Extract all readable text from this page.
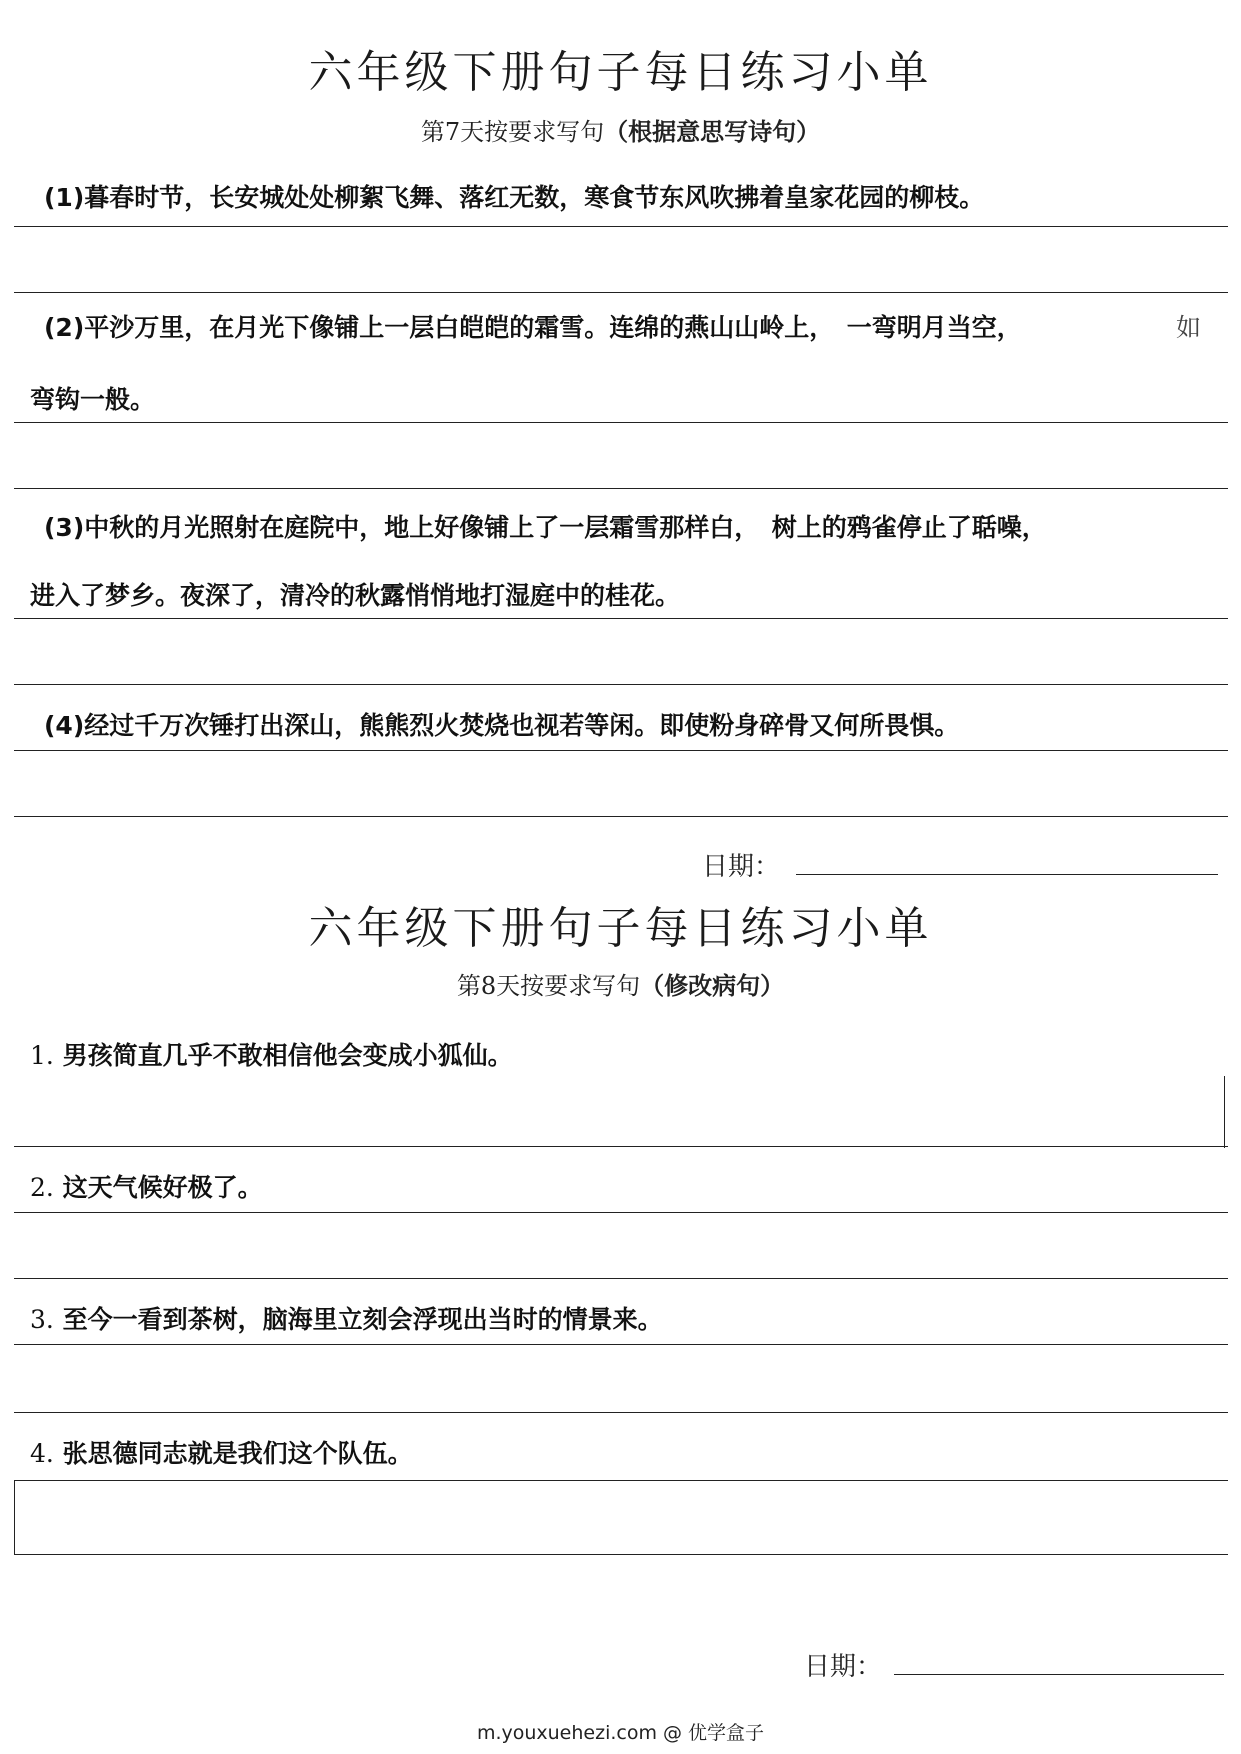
六年级下册句子每日练习小单
第7天按要求写句（根据意思写诗句）
(1)暮春时节，长安城处处柳絮飞舞、落红无数，寒食节东风吹拂着皇家花园的柳枝。
(2)平沙万里，在月光下像铺上一层白皑皑的霜雪。连绵的燕山山岭上，　一弯明月当空，	如
弯钩一般。
(3)中秋的月光照射在庭院中，地上好像铺上了一层霜雪那样白，　树上的鸦雀停止了聒噪，
进入了梦乡。夜深了，清冷的秋露悄悄地打湿庭中的桂花。
(4)经过千万次锤打出深山，熊熊烈火焚烧也视若等闲。即使粉身碎骨又何所畏惧。
日期：
六年级下册句子每日练习小单
第8天按要求写句（修改病句）
1. 男孩简直几乎不敢相信他会变成小狐仙。
2. 这天气候好极了。
3. 至今一看到茶树，脑海里立刻会浮现出当时的情景来。
4. 张思德同志就是我们这个队伍。
日期：
m.youxuehezi.com @ 优学盒子
